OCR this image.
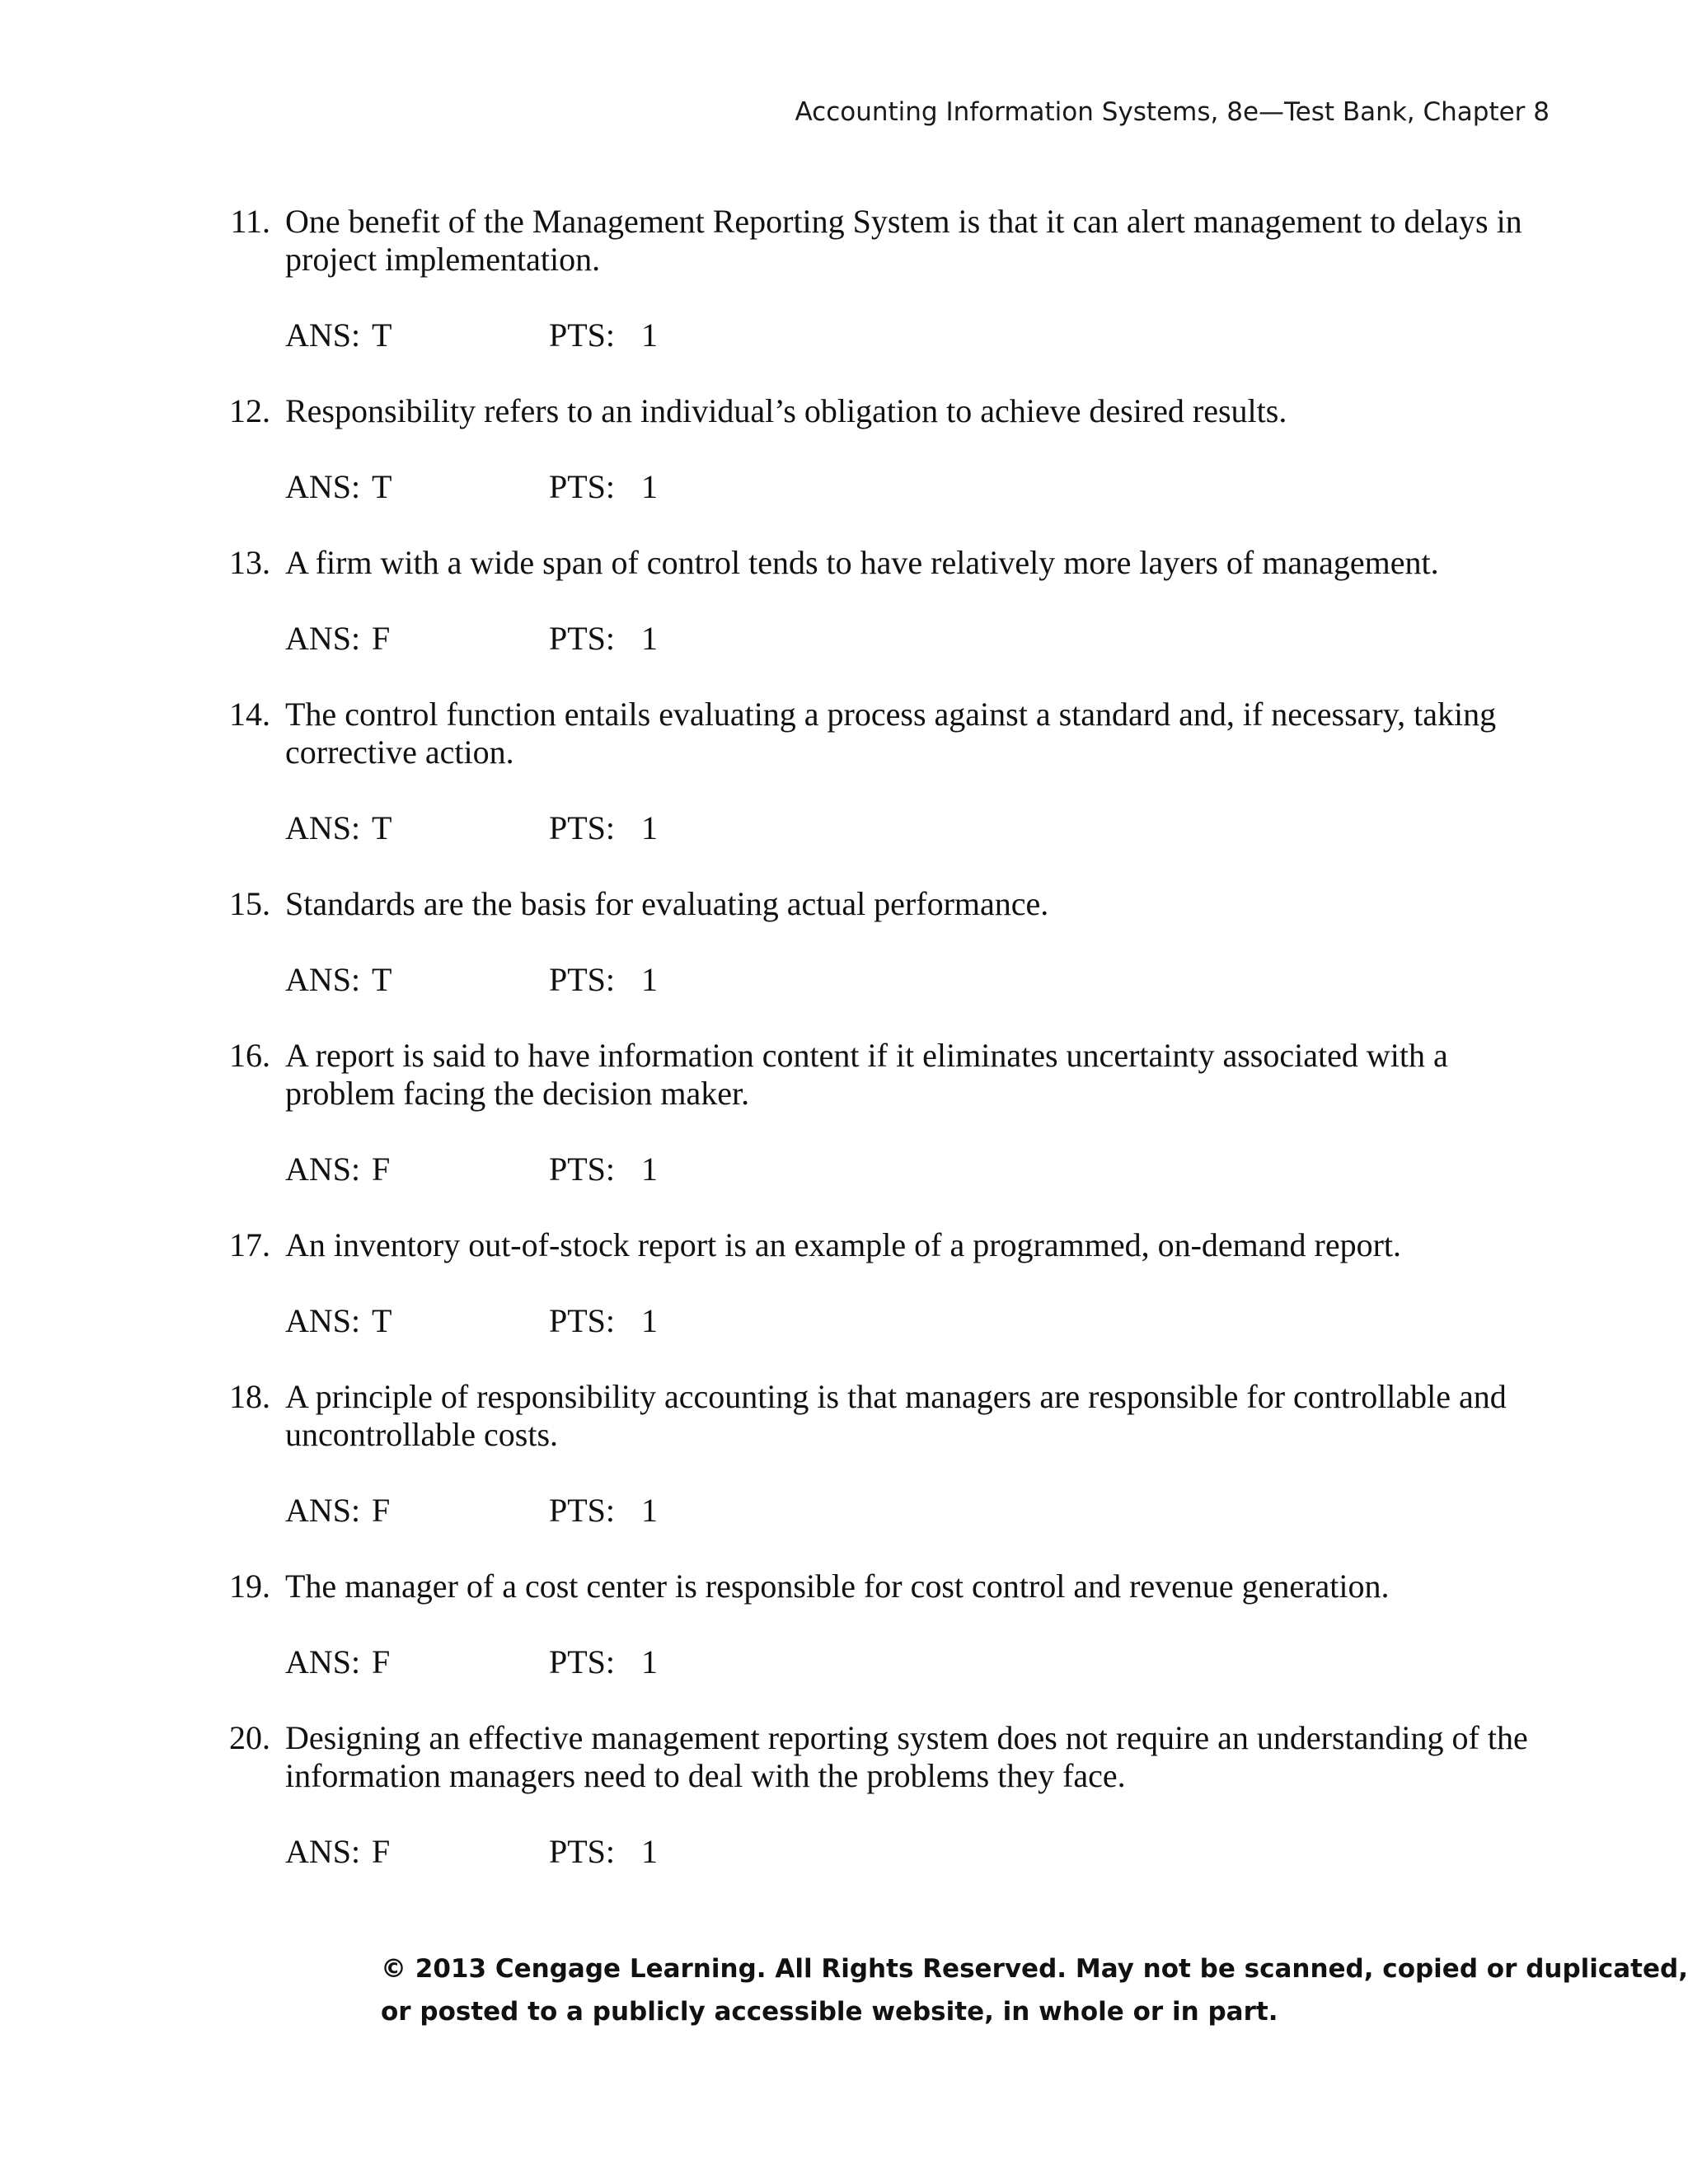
Accounting Information Systems, 8e—Test Bank, Chapter 8
11. One benefit of the Management Reporting System is that it can alert management to delays in project implementation.
ANS: T	PTS: 1
12. Responsibility refers to an individual’s obligation to achieve desired results.
ANS: T	PTS: 1
13. A firm with a wide span of control tends to have relatively more layers of management.
ANS: F	PTS: 1
14. The control function entails evaluating a process against a standard and, if necessary, taking corrective action.
ANS: T	PTS: 1
15. Standards are the basis for evaluating actual performance.
ANS: T	PTS: 1
16. A report is said to have information content if it eliminates uncertainty associated with a problem facing the decision maker.
ANS: F	PTS: 1
17. An inventory out-of-stock report is an example of a programmed, on-demand report.
ANS: T	PTS: 1
18. A principle of responsibility accounting is that managers are responsible for controllable and uncontrollable costs.
ANS: F	PTS: 1
19. The manager of a cost center is responsible for cost control and revenue generation.
ANS: F	PTS: 1
20. Designing an effective management reporting system does not require an understanding of the information managers need to deal with the problems they face.
ANS: F	PTS: 1
© 2013 Cengage Learning. All Rights Reserved. May not be scanned, copied or duplicated,
or posted to a publicly accessible website, in whole or in part.
